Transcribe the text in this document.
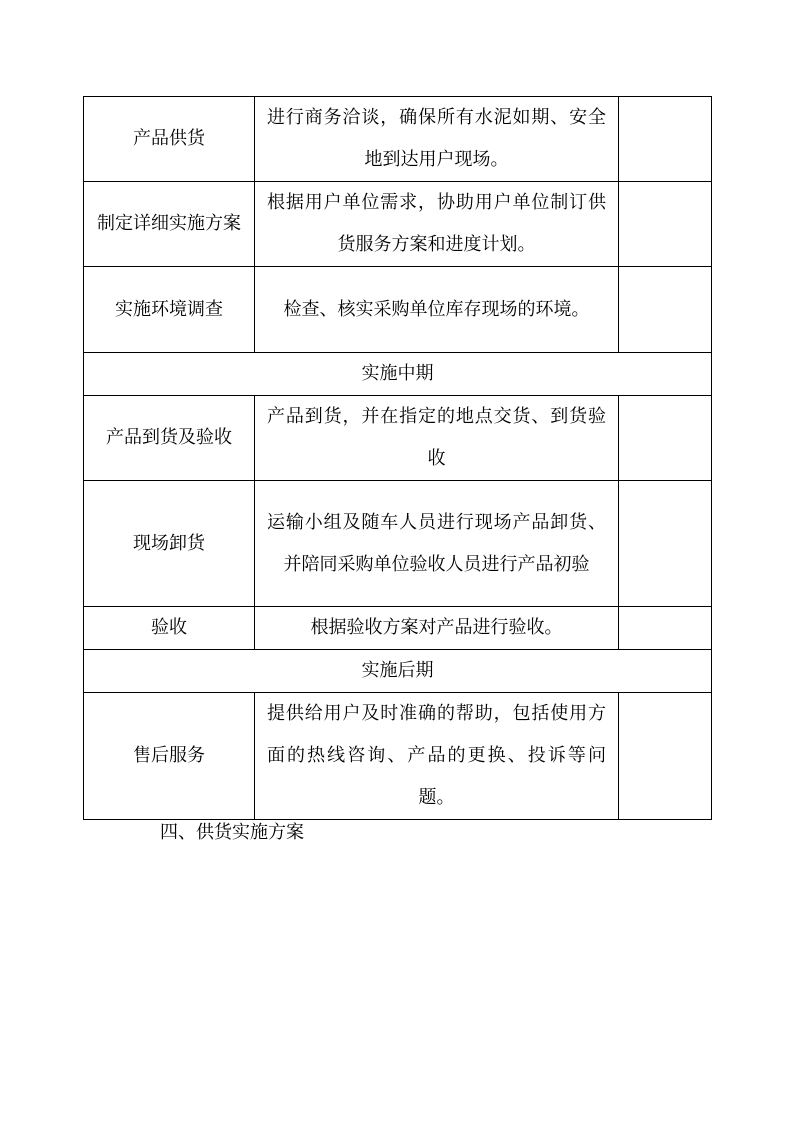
产品供货	进行商务洽谈，确保所有水泥如期、安全地到达用户现场。	
制定详细实施方案	根据用户单位需求，协助用户单位制订供货服务方案和进度计划。	
实施环境调查	检查、核实采购单位库存现场的环境。	
实施中期		
产品到货及验收	产品到货，并在指定的地点交货、到货验收	
现场卸货	运输小组及随车人员进行现场产品卸货、并陪同采购单位验收人员进行产品初验	
验收	根据验收方案对产品进行验收。	
实施后期		
售后服务	提供给用户及时准确的帮助，包括使用方面的热线咨询、产品的更换、投诉等问题。	

四、供货实施方案
